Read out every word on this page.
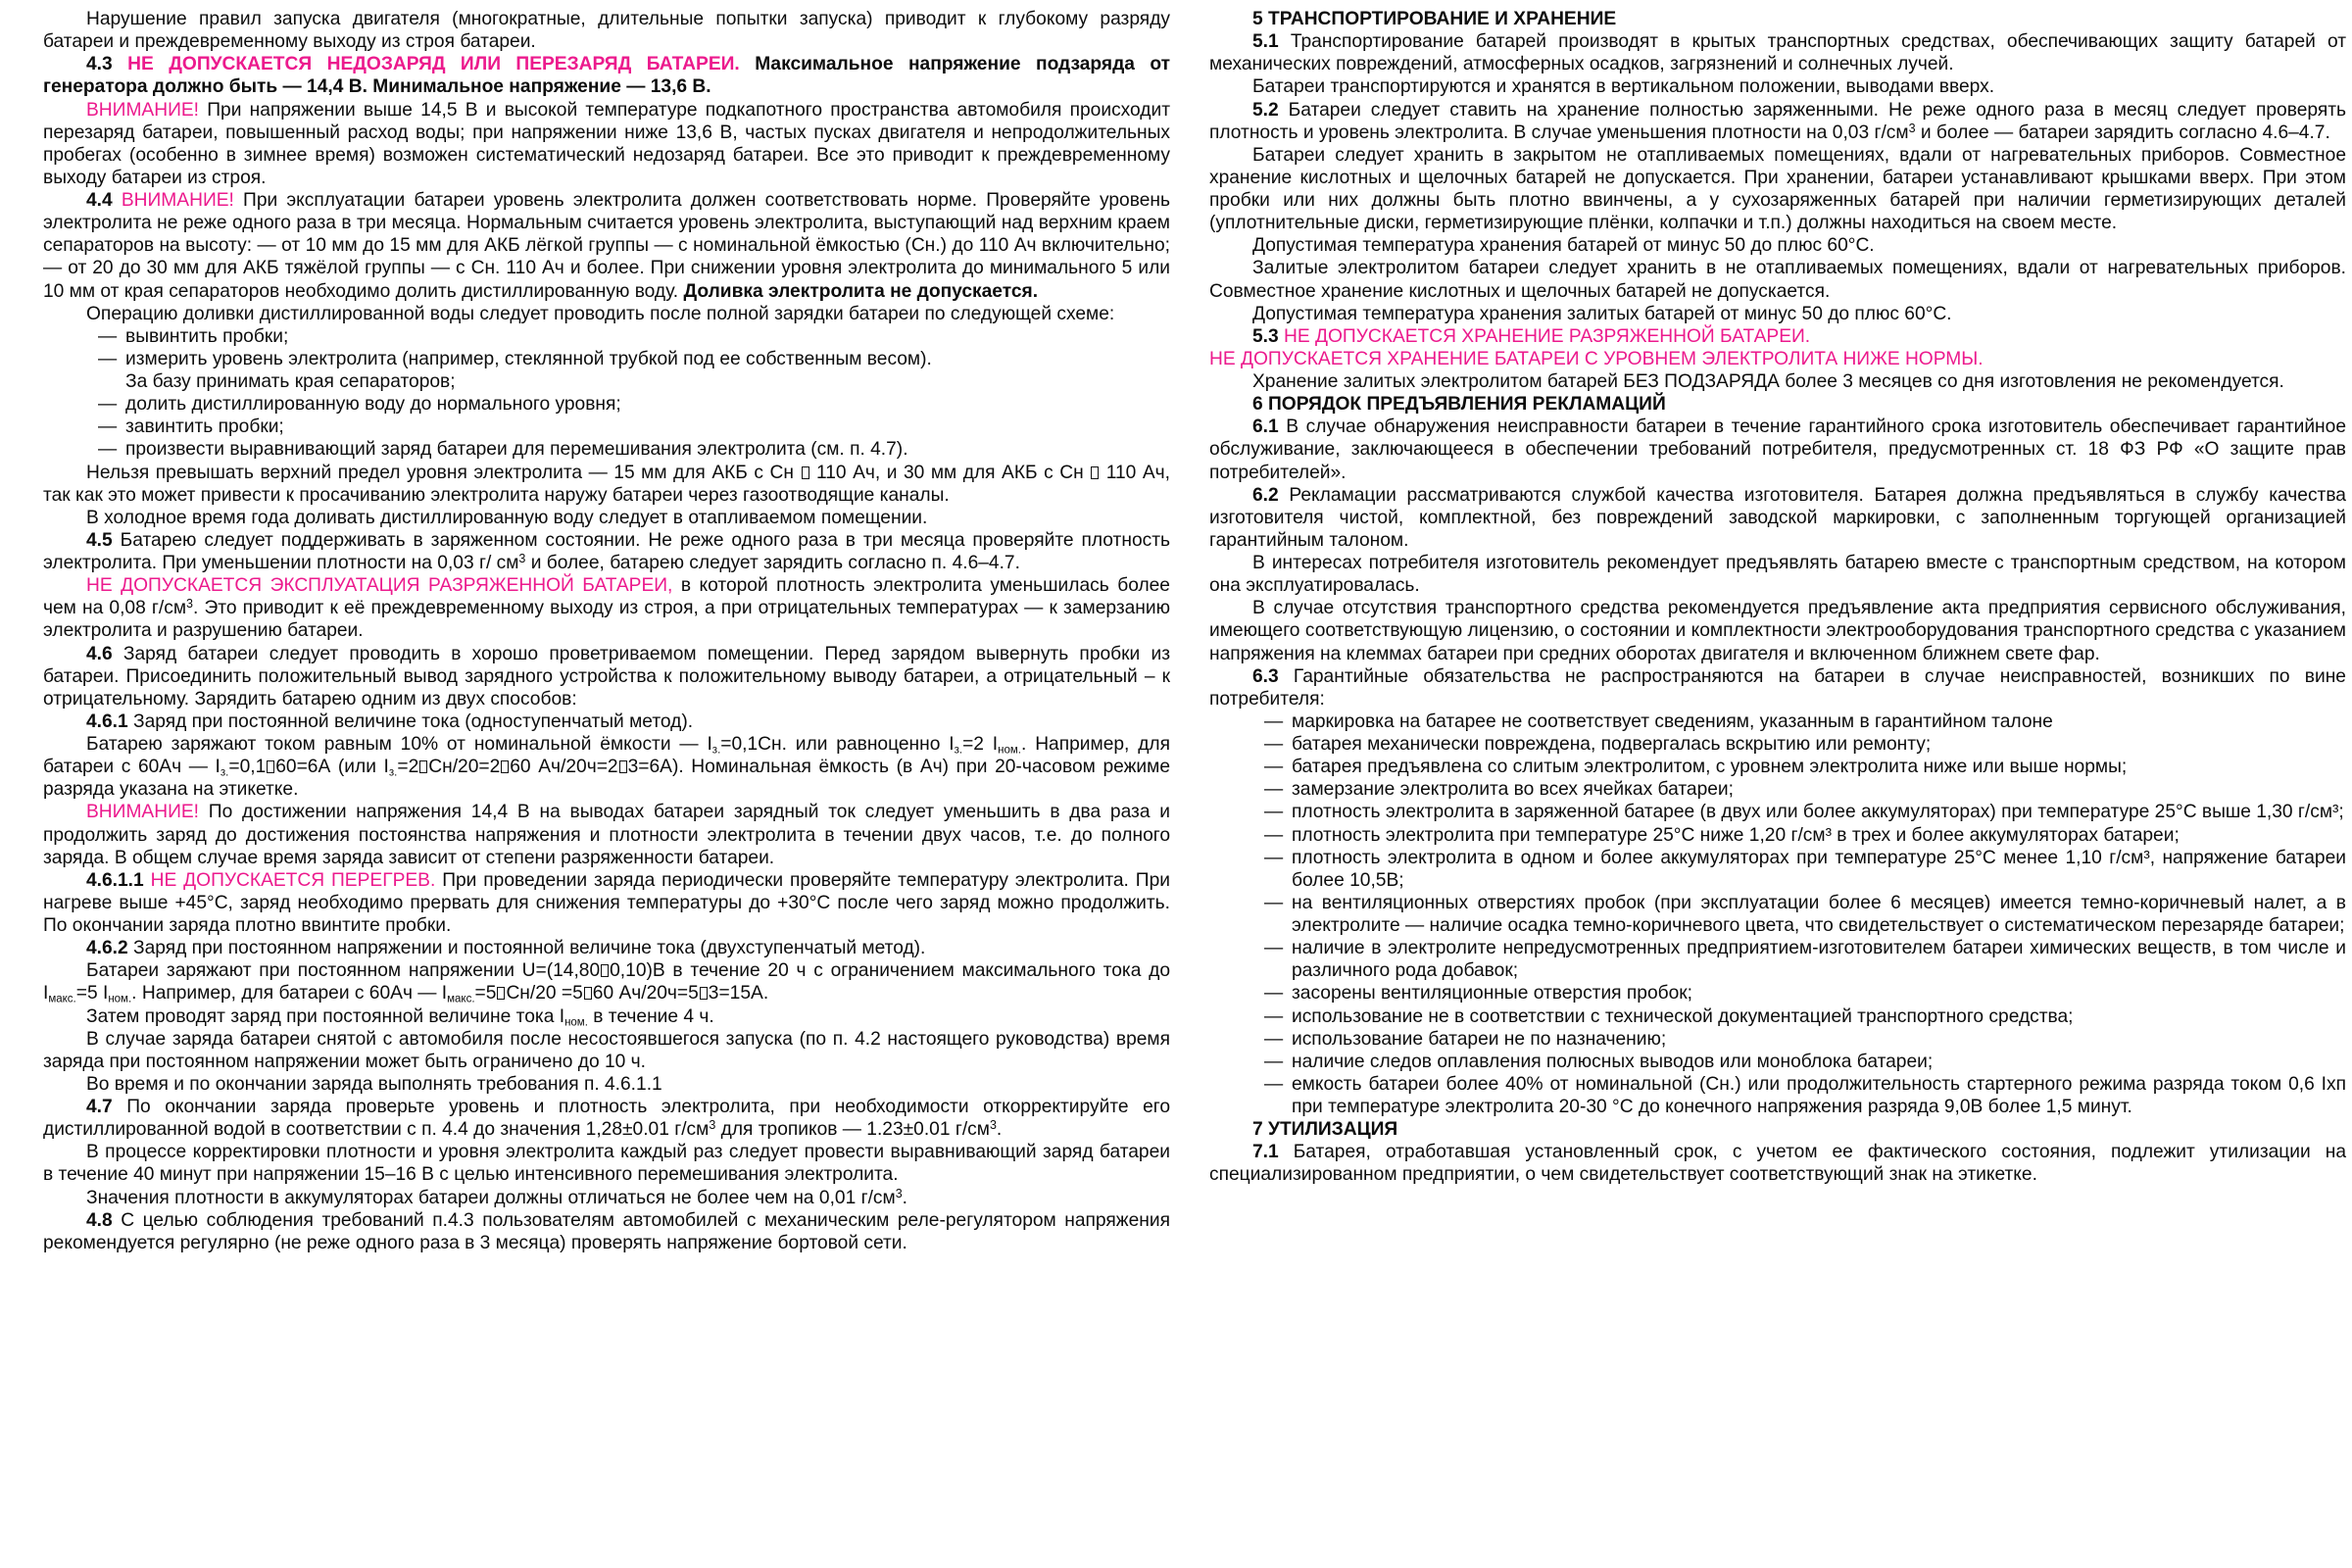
Нарушение правил запуска двигателя (многократные, длительные попытки запуска) приводит к глубокому разряду батареи и преждевременному выходу из строя батареи.

4.3 НЕ ДОПУСКАЕТСЯ НЕДОЗАРЯД ИЛИ ПЕРЕЗАРЯД БАТАРЕИ. Максимальное напряжение подзаряда от генератора должно быть — 14,4 В. Минимальное напряжение — 13,6 В.

ВНИМАНИЕ! При напряжении выше 14,5 В и высокой температуре подкапотного пространства автомобиля происходит перезаряд батареи, повышенный расход воды; при напряжении ниже 13,6 В, частых пусках двигателя и непродолжительных пробегах (особенно в зимнее время) возможен систематический недозаряд батареи. Все это приводит к преждевременному выходу батареи из строя.

4.4 ВНИМАНИЕ! При эксплуатации батареи уровень электролита должен соответствовать норме. Проверяйте уровень электролита не реже одного раза в три месяца. Нормальным считается уровень электролита, выступающий над верхним краем сепараторов на высоту: — от 10 мм до 15 мм для АКБ лёгкой группы — с номинальной ёмкостью (Сн.) до 110 Ач включительно; — от 20 до 30 мм для АКБ тяжёлой группы — с Сн. 110 Ач и более. При снижении уровня электролита до минимального 5 или 10 мм от края сепараторов необходимо долить дистиллированную воду. Доливка электролита не допускается.

Операцию доливки дистиллированной воды следует проводить после полной зарядки батареи по следующей схеме:

— вывинтить пробки;
— измерить уровень электролита (например, стеклянной трубкой под ее собственным весом).
За базу принимать края сепараторов;
— долить дистиллированную воду до нормального уровня;
— завинтить пробки;
— произвести выравнивающий заряд батареи для перемешивания электролита (см. п. 4.7).

Нельзя превышать верхний предел уровня электролита — 15 мм для АКБ с Сн 110 Ач, и 30 мм для АКБ с Сн 110 Ач, так как это может привести к просачиванию электролита наружу батареи через газоотводящие каналы.

В холодное время года доливать дистиллированную воду следует в отапливаемом помещении.

4.5 Батарею следует поддерживать в заряженном состоянии. Не реже одного раза в три месяца проверяйте плотность электролита. При уменьшении плотности на 0,03 г/ $см^3$ и более, батарею следует зарядить согласно п. 4.6–4.7.

НЕ ДОПУСКАЕТСЯ ЭКСПЛУАТАЦИЯ РАЗРЯЖЕННОЙ БАТАРЕИ, в которой плотность электролита уменьшилась более чем на 0,08 $г/см^3$. Это приводит к её преждевременному выходу из строя, а при отрицательных температурах — к замерзанию электролита и разрушению батареи.

4.6 Заряд батареи следует проводить в хорошо проветриваемом помещении. Перед зарядом вывернуть пробки из батареи. Присоединить положительный вывод зарядного устройства к положительному выводу батареи, а отрицательный – к отрицательному. Зарядить батарею одним из двух способов:

4.6.1 Заряд при постоянной величине тока (одноступенчатый метод).

Батарею заряжают током равным 10% от номинальной ёмкости — $I_{з.}=0,1Сн$. или равноценно $I_{з.}=2$ $I_{ном.}$. Например, для батареи с 60Ач — $I_{з.}=0,1$ 60=6А (или $I_{з.}=2$ Сн/20=2 60 Ач/20ч=2 3=6А). Номинальная ёмкость (в Ач) при 20-часовом режиме разряда указана на этикетке.

ВНИМАНИЕ! По достижении напряжения 14,4 В на выводах батареи зарядный ток следует уменьшить в два раза и продолжить заряд до достижения постоянства напряжения и плотности электролита в течении двух часов, т.е. до полного заряда. В общем случае время заряда зависит от степени разряженности батареи.

4.6.1.1 НЕ ДОПУСКАЕТСЯ ПЕРЕГРЕВ. При проведении заряда периодически проверяйте температуру электролита. При нагреве выше +45°С, заряд необходимо прервать для снижения температуры до +30°С после чего заряд можно продолжить. По окончании заряда плотно ввинтите пробки.

4.6.2 Заряд при постоянном напряжении и постоянной величине тока (двухступенчатый метод).

Батареи заряжают при постоянном напряжении U=(14,80 0,10)В в течение 20 ч с ограничением максимального тока до $I_{макс.}=5$ $I_{ном.}$. Например, для батареи с 60Ач — $I_{макс.}=5$ Сн/20 =5 60 Ач/20ч=5 3=15А.

Затем проводят заряд при постоянной величине тока $I_{ном.}$ в течение 4 ч.

В случае заряда батареи снятой с автомобиля после несостоявшегося запуска (по п. 4.2 настоящего руководства) время заряда при постоянном напряжении может быть ограничено до 10 ч.

Во время и по окончании заряда выполнять требования п. 4.6.1.1

4.7 По окончании заряда проверьте уровень и плотность электролита, при необходимости откорректируйте его дистиллированной водой в соответствии с п. 4.4 до значения 1,28±0.01 $г/см^3$ для тропиков — 1.23±0.01 $г/см^3$.

В процессе корректировки плотности и уровня электролита каждый раз следует провести выравнивающий заряд батареи в течение 40 минут при напряжении 15–16 В с целью интенсивного перемешивания электролита.

Значения плотности в аккумуляторах батареи должны отличаться не более чем на 0,01 $г/см^3$.

4.8 С целью соблюдения требований п.4.3 пользователям автомобилей с механическим реле-регулятором напряжения рекомендуется регулярно (не реже одного раза в 3 месяца) проверять напряжение бортовой сети.

5 ТРАНСПОРТИРОВАНИЕ И ХРАНЕНИЕ

5.1 Транспортирование батарей производят в крытых транспортных средствах, обеспечивающих защиту батарей от механических повреждений, атмосферных осадков, загрязнений и солнечных лучей.

Батареи транспортируются и хранятся в вертикальном положении, выводами вверх.

5.2 Батареи следует ставить на хранение полностью заряженными. Не реже одного раза в месяц следует проверять плотность и уровень электролита. В случае уменьшения плотности на 0,03 $г/см^3$ и более — батареи зарядить согласно 4.6–4.7.

Батареи следует хранить в закрытом не отапливаемых помещениях, вдали от нагревательных приборов. Совместное хранение кислотных и щелочных батарей не допускается. При хранении, батареи устанавливают крышками вверх. При этом пробки или них должны быть плотно ввинчены, а у сухозаряженных батарей при наличии герметизирующих деталей (уплотнительные диски, герметизирующие плёнки, колпачки и т.п.) должны находиться на своем месте.

Допустимая температура хранения батарей от минус 50 до плюс 60°С.

Залитые электролитом батареи следует хранить в не отапливаемых помещениях, вдали от нагревательных приборов. Совместное хранение кислотных и щелочных батарей не допускается.

Допустимая температура хранения залитых батарей от минус 50 до плюс 60°С.

5.3 НЕ ДОПУСКАЕТСЯ ХРАНЕНИЕ РАЗРЯЖЕННОЙ БАТАРЕИ.

НЕ ДОПУСКАЕТСЯ ХРАНЕНИЕ БАТАРЕИ С УРОВНЕМ ЭЛЕКТРОЛИТА НИЖЕ НОРМЫ.

Хранение залитых электролитом батарей БЕЗ ПОДЗАРЯДА более 3 месяцев со дня изготовления не рекомендуется.

6 ПОРЯДОК ПРЕДЪЯВЛЕНИЯ РЕКЛАМАЦИЙ

6.1 В случае обнаружения неисправности батареи в течение гарантийного срока изготовитель обеспечивает гарантийное обслуживание, заключающееся в обеспечении требований потребителя, предусмотренных ст. 18 ФЗ РФ «О защите прав потребителей».

6.2 Рекламации рассматриваются службой качества изготовителя. Батарея должна предъявляться в службу качества изготовителя чистой, комплектной, без повреждений заводской маркировки, с заполненным торгующей организацией гарантийным талоном.

В интересах потребителя изготовитель рекомендует предъявлять батарею вместе с транспортным средством, на котором она эксплуатировалась.

В случае отсутствия транспортного средства рекомендуется предъявление акта предприятия сервисного обслуживания, имеющего соответствующую лицензию, о состоянии и комплектности электрооборудования транспортного средства с указанием напряжения на клеммах батареи при средних оборотах двигателя и включенном ближнем свете фар.

6.3 Гарантийные обязательства не распространяются на батареи в случае неисправностей, возникших по вине потребителя:

— маркировка на батарее не соответствует сведениям, указанным в гарантийном талоне
— батарея механически повреждена, подвергалась вскрытию или ремонту;
— батарея предъявлена со слитым электролитом, с уровнем электролита ниже или выше нормы;
— замерзание электролита во всех ячейках батареи;
— плотность электролита в заряженной батарее (в двух или более аккумуляторах) при температуре 25°С выше 1,30 г/см³;
— плотность электролита при температуре 25°С ниже 1,20 г/см³ в трех и более аккумуляторах батареи;
— плотность электролита в одном и более аккумуляторах при температуре 25°С менее 1,10 г/см³, напряжение батареи более 10,5В;
— на вентиляционных отверстиях пробок (при эксплуатации более 6 месяцев) имеется темно-коричневый налет, а в электролите — наличие осадка темно-коричневого цвета, что свидетельствует о систематическом перезаряде батареи;
— наличие в электролите непредусмотренных предприятием-изготовителем батареи химических веществ, в том числе и различного рода добавок;
— засорены вентиляционные отверстия пробок;
— использование не в соответствии с технической документацией транспортного средства;
— использование батареи не по назначению;
— наличие следов оплавления полюсных выводов или моноблока батареи;
— емкость батареи более 40% от номинальной (Сн.) или продолжительность стартерного режима разряда током 0,6 Iхп при температуре электролита 20-30 °С до конечного напряжения разряда 9,0В более 1,5 минут.
7 УТИЛИЗАЦИЯ

7.1 Батарея, отработавшая установленный срок, с учетом ее фактического состояния, подлежит утилизации на специализированном предприятии, о чем свидетельствует соответствующий знак на этикетке.
